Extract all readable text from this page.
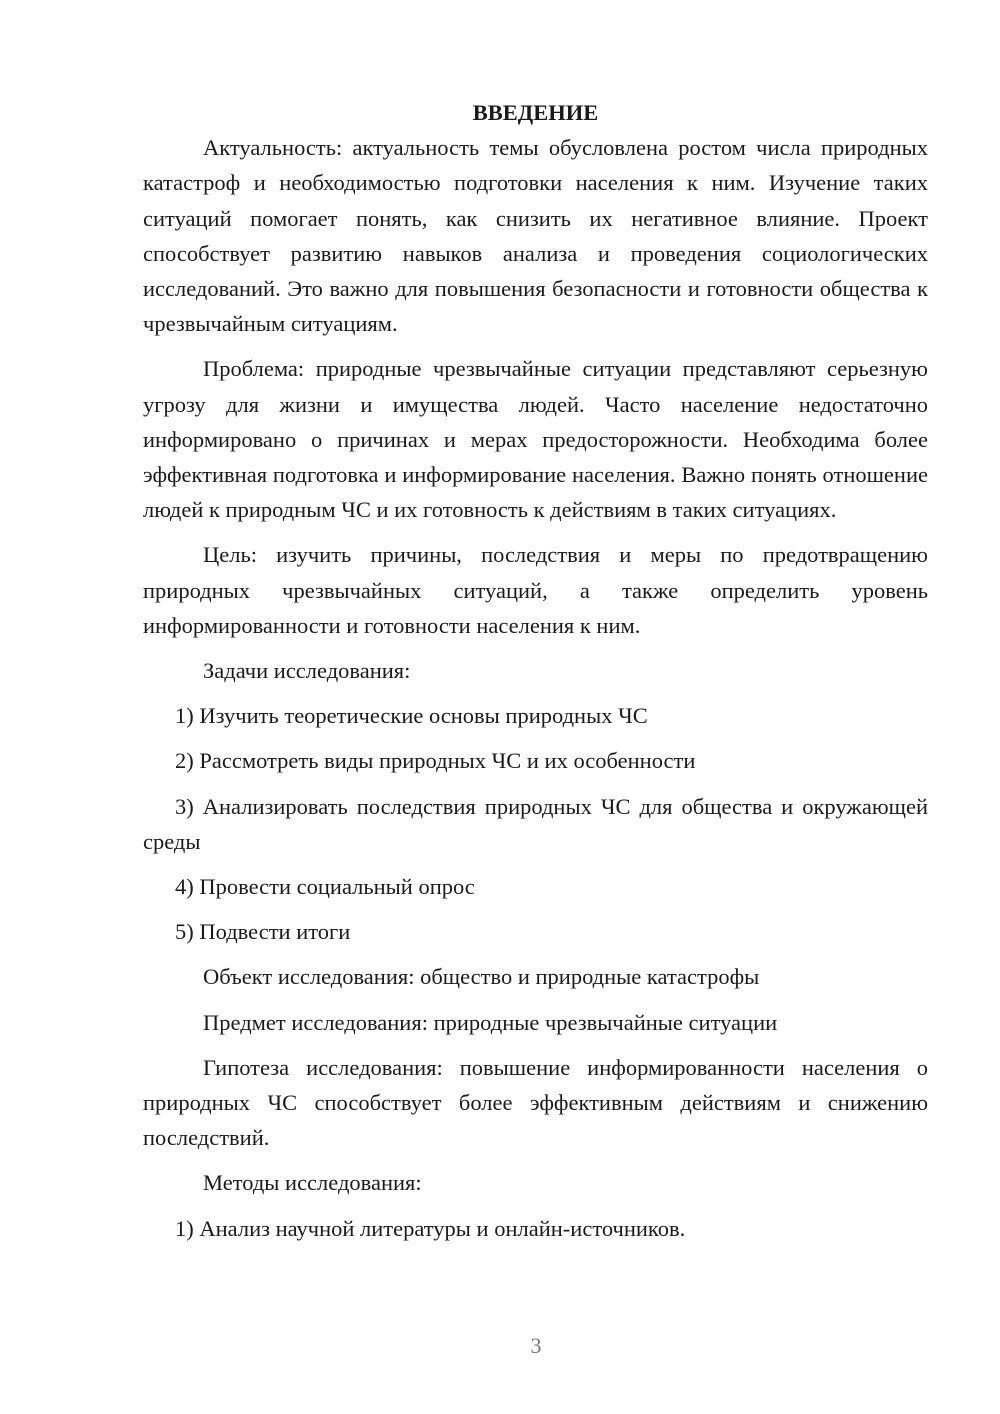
ВВЕДЕНИЕ

Актуальность: актуальность темы обусловлена ростом числа природных катастроф и необходимостью подготовки населения к ним. Изучение таких ситуаций помогает понять, как снизить их негативное влияние. Проект способствует развитию навыков анализа и проведения социологических исследований. Это важно для повышения безопасности и готовности общества к чрезвычайным ситуациям.

Проблема: природные чрезвычайные ситуации представляют серьезную угрозу для жизни и имущества людей. Часто население недостаточно информировано о причинах и мерах предосторожности. Необходима более эффективная подготовка и информирование населения. Важно понять отношение людей к природным ЧС и их готовность к действиям в таких ситуациях.

Цель: изучить причины, последствия и меры по предотвращению природных чрезвычайных ситуаций, а также определить уровень информированности и готовности населения к ним.

Задачи исследования:

1) Изучить теоретические основы природных ЧС

2) Рассмотреть виды природных ЧС и их особенности

3) Анализировать последствия природных ЧС для общества и окружающей среды

4) Провести социальный опрос

5) Подвести итоги

Объект исследования: общество и природные катастрофы

Предмет исследования: природные чрезвычайные ситуации

Гипотеза исследования: повышение информированности населения о природных ЧС способствует более эффективным действиям и снижению последствий.

Методы исследования:

1) Анализ научной литературы и онлайн-источников.

3
